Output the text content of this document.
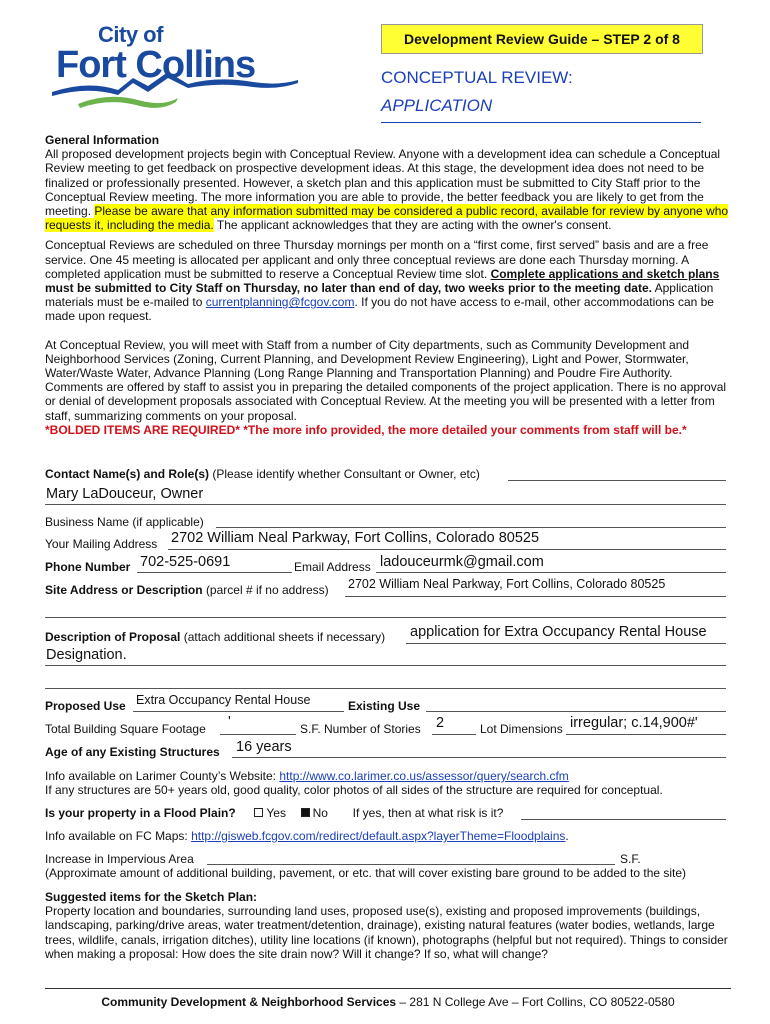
City of
Fort Collins
Development Review Guide – STEP 2 of 8
CONCEPTUAL REVIEW:
APPLICATION
General Information
All proposed development projects begin with Conceptual Review. Anyone with a development idea can schedule a Conceptual Review meeting to get feedback on prospective development ideas. At this stage, the development idea does not need to be finalized or professionally presented. However, a sketch plan and this application must be submitted to City Staff prior to the Conceptual Review meeting. The more information you are able to provide, the better feedback you are likely to get from the meeting. Please be aware that any information submitted may be considered a public record, available for review by anyone who requests it, including the media. The applicant acknowledges that they are acting with the owner's consent.
Conceptual Reviews are scheduled on three Thursday mornings per month on a “first come, first served” basis and are a free service. One 45 meeting is allocated per applicant and only three conceptual reviews are done each Thursday morning. A completed application must be submitted to reserve a Conceptual Review time slot. Complete applications and sketch plans must be submitted to City Staff on Thursday, no later than end of day, two weeks prior to the meeting date. Application materials must be e-mailed to currentplanning@fcgov.com. If you do not have access to e-mail, other accommodations can be made upon request.
At Conceptual Review, you will meet with Staff from a number of City departments, such as Community Development and Neighborhood Services (Zoning, Current Planning, and Development Review Engineering), Light and Power, Stormwater, Water/Waste Water, Advance Planning (Long Range Planning and Transportation Planning) and Poudre Fire Authority. Comments are offered by staff to assist you in preparing the detailed components of the project application. There is no approval or denial of development proposals associated with Conceptual Review. At the meeting you will be presented with a letter from staff, summarizing comments on your proposal.
*BOLDED ITEMS ARE REQUIRED* *The more info provided, the more detailed your comments from staff will be.*
Contact Name(s) and Role(s) (Please identify whether Consultant or Owner, etc)
Mary LaDouceur, Owner
Business Name (if applicable)
Your Mailing Address 2702 William Neal Parkway, Fort Collins, Colorado 80525
Phone Number 702-525-0691	Email Address ladouceurmk@gmail.com
Site Address or Description (parcel # if no address) 2702 William Neal Parkway, Fort Collins, Colorado 80525
Description of Proposal (attach additional sheets if necessary) application for Extra Occupancy Rental House
Designation.
Proposed Use Extra Occupancy Rental House	Existing Use
Total Building Square Footage '	S.F. Number of Stories 2	Lot Dimensions irregular; c.14,900#'
Age of any Existing Structures 16 years
Info available on Larimer County’s Website: http://www.co.larimer.co.us/assessor/query/search.cfm
If any structures are 50+ years old, good quality, color photos of all sides of the structure are required for conceptual.
Is your property in a Flood Plain?	Yes No If yes, then at what risk is it?
Info available on FC Maps: http://gisweb.fcgov.com/redirect/default.aspx?layerTheme=Floodplains.
Increase in Impervious Area	S.F.
(Approximate amount of additional building, pavement, or etc. that will cover existing bare ground to be added to the site)
Suggested items for the Sketch Plan:
Property location and boundaries, surrounding land uses, proposed use(s), existing and proposed improvements (buildings, landscaping, parking/drive areas, water treatment/detention, drainage), existing natural features (water bodies, wetlands, large trees, wildlife, canals, irrigation ditches), utility line locations (if known), photographs (helpful but not required). Things to consider when making a proposal: How does the site drain now? Will it change? If so, what will change?
Community Development & Neighborhood Services – 281 N College Ave – Fort Collins, CO 80522-0580
